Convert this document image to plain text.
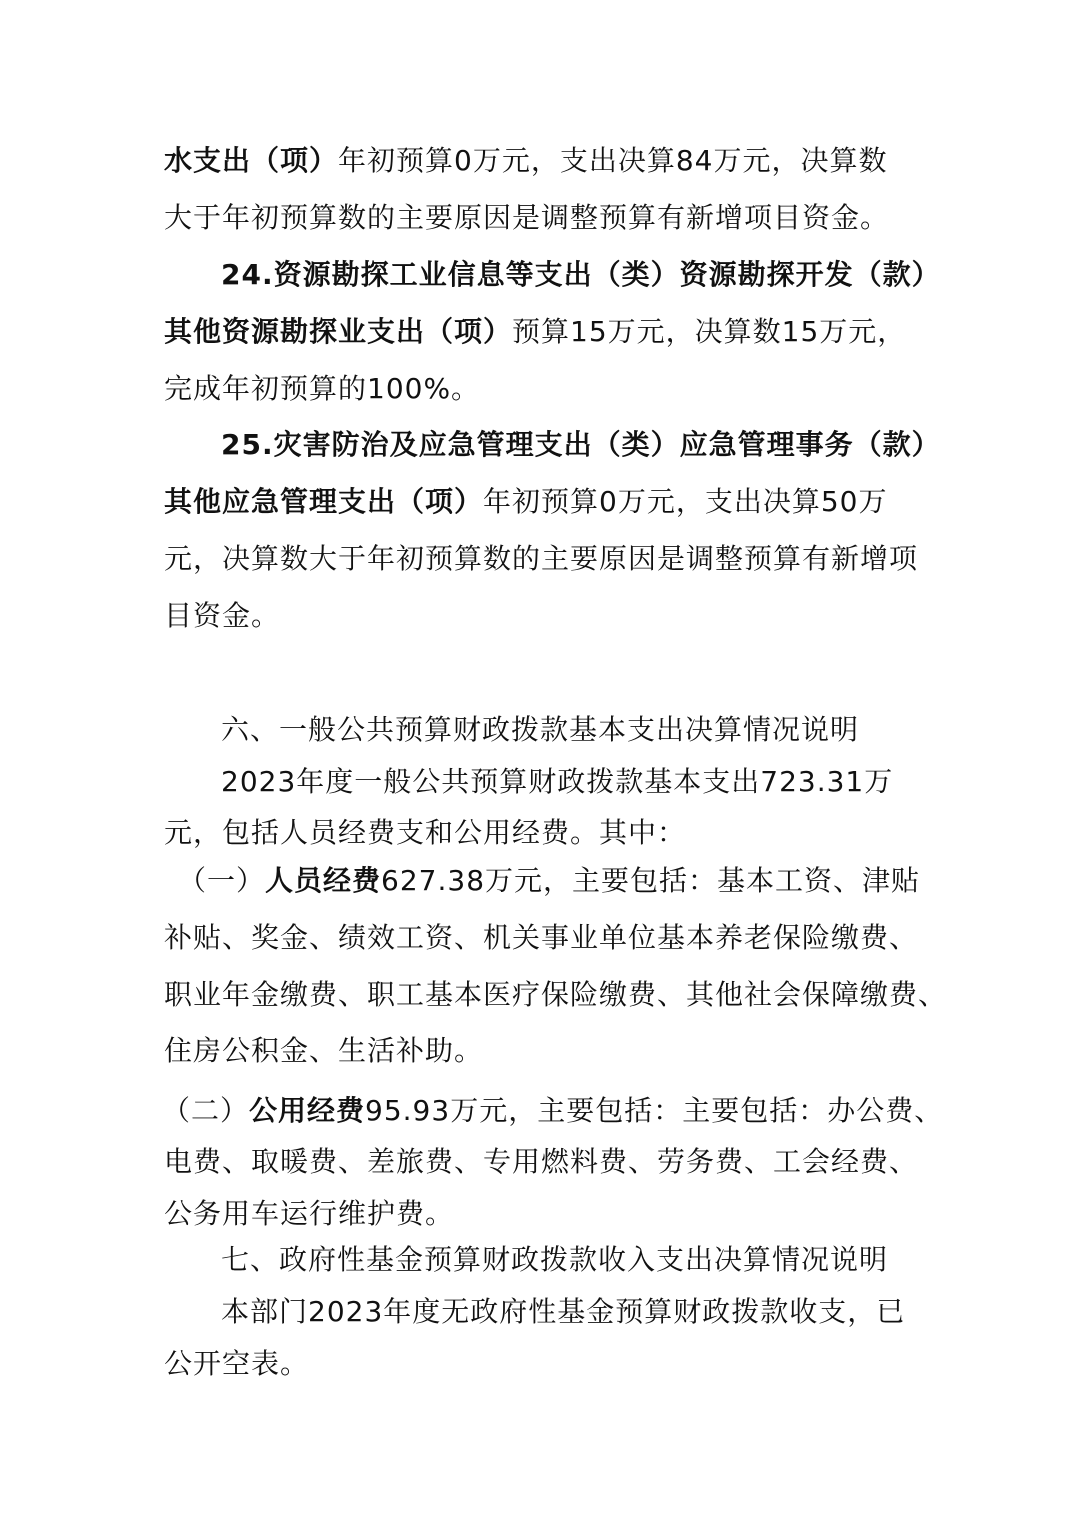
水支出（项）年初预算0万元，支出决算84万元，决算数
大于年初预算数的主要原因是调整预算有新增项目资金。
24.资源勘探工业信息等支出（类）资源勘探开发（款）
其他资源勘探业支出（项）预算15万元，决算数15万元，
完成年初预算的100%。
25.灾害防治及应急管理支出（类）应急管理事务（款）
其他应急管理支出（项）年初预算0万元，支出决算50万
元，决算数大于年初预算数的主要原因是调整预算有新增项
目资金。
六、一般公共预算财政拨款基本支出决算情况说明
2023年度一般公共预算财政拨款基本支出723.31万
元，包括人员经费支和公用经费。其中：
（一）人员经费627.38万元，主要包括：基本工资、津贴
补贴、奖金、绩效工资、机关事业单位基本养老保险缴费、
职业年金缴费、职工基本医疗保险缴费、其他社会保障缴费、
住房公积金、生活补助。
（二）公用经费95.93万元，主要包括：主要包括：办公费、
电费、取暖费、差旅费、专用燃料费、劳务费、工会经费、
公务用车运行维护费。
七、政府性基金预算财政拨款收入支出决算情况说明
本部门2023年度无政府性基金预算财政拨款收支，已
公开空表。
